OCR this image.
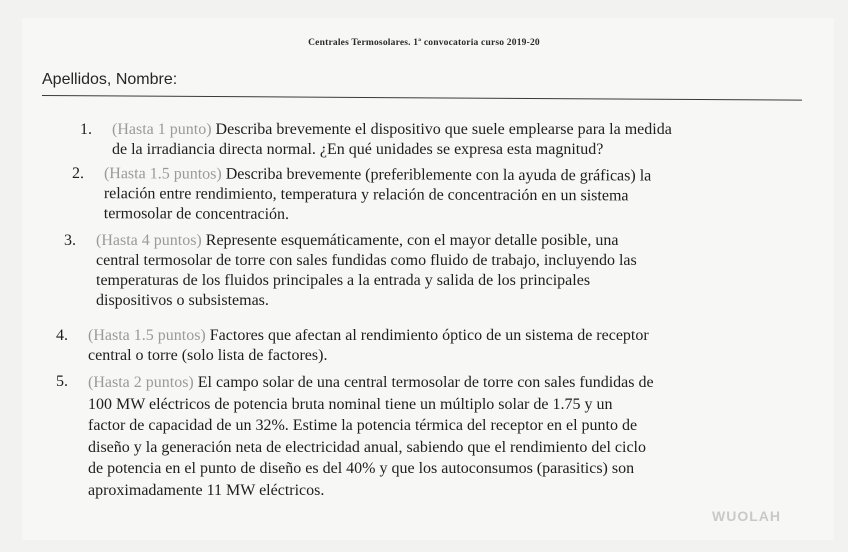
Centrales Termosolares. 1ª convocatoria curso 2019-20
Apellidos, Nombre:
1.	(Hasta 1 punto) Describa brevemente el dispositivo que suele emplearse para la medida
de la irradiancia directa normal. ¿En qué unidades se expresa esta magnitud?
2.	(Hasta 1.5 puntos) Describa brevemente (preferiblemente con la ayuda de gráficas) la
relación entre rendimiento, temperatura y relación de concentración en un sistema
termosolar de concentración.
3.	(Hasta 4 puntos) Represente esquemáticamente, con el mayor detalle posible, una
central termosolar de torre con sales fundidas como fluido de trabajo, incluyendo las
temperaturas de los fluidos principales a la entrada y salida de los principales
dispositivos o subsistemas.
4.	(Hasta 1.5 puntos) Factores que afectan al rendimiento óptico de un sistema de receptor
central o torre (solo lista de factores).
5.	(Hasta 2 puntos) El campo solar de una central termosolar de torre con sales fundidas de
100 MW eléctricos de potencia bruta nominal tiene un múltiplo solar de 1.75 y un
factor de capacidad de un 32%. Estime la potencia térmica del receptor en el punto de
diseño y la generación neta de electricidad anual, sabiendo que el rendimiento del ciclo
de potencia en el punto de diseño es del 40% y que los autoconsumos (parasitics) son
aproximadamente 11 MW eléctricos.
WUOLAH
